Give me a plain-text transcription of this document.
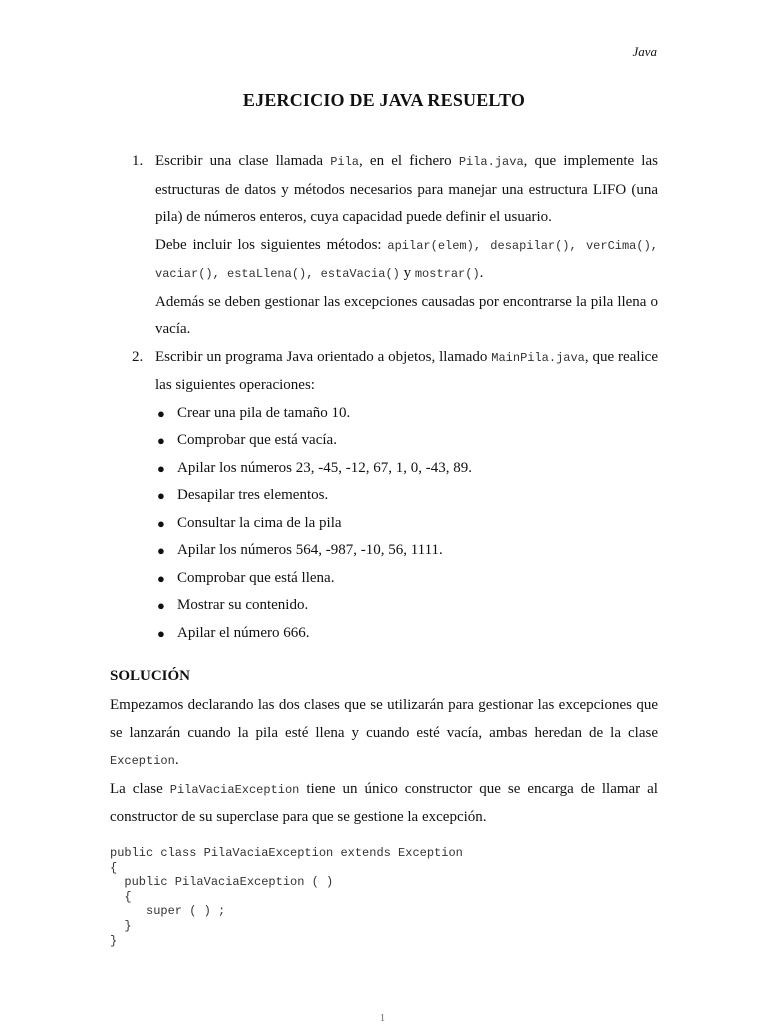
Java
EJERCICIO DE JAVA RESUELTO
1. Escribir una clase llamada Pila, en el fichero Pila.java, que implemente las estructuras de datos y métodos necesarios para manejar una estructura LIFO (una pila) de números enteros, cuya capacidad puede definir el usuario.

Debe incluir los siguientes métodos: apilar(elem), desapilar(), verCima(), vaciar(), estaLlena(), estaVacia() y mostrar().

Además se deben gestionar las excepciones causadas por encontrarse la pila llena o vacía.

2. Escribir un programa Java orientado a objetos, llamado MainPila.java, que realice las siguientes operaciones:

● Crear una pila de tamaño 10.
● Comprobar que está vacía.
● Apilar los números 23, -45, -12, 67, 1, 0, -43, 89.
● Desapilar tres elementos.
● Consultar la cima de la pila
● Apilar los números 564, -987, -10, 56, 1111.
● Comprobar que está llena.
● Mostrar su contenido.
● Apilar el número 666.
SOLUCIÓN

Empezamos declarando las dos clases que se utilizarán para gestionar las excepciones que se lanzarán cuando la pila esté llena y cuando esté vacía, ambas heredan de la clase Exception.

La clase PilaVaciaException tiene un único constructor que se encarga de llamar al constructor de su superclase para que se gestione la excepción.

public class PilaVaciaException extends Exception
{
public PilaVaciaException ( )
{
super ( ) ;
}
}
1
